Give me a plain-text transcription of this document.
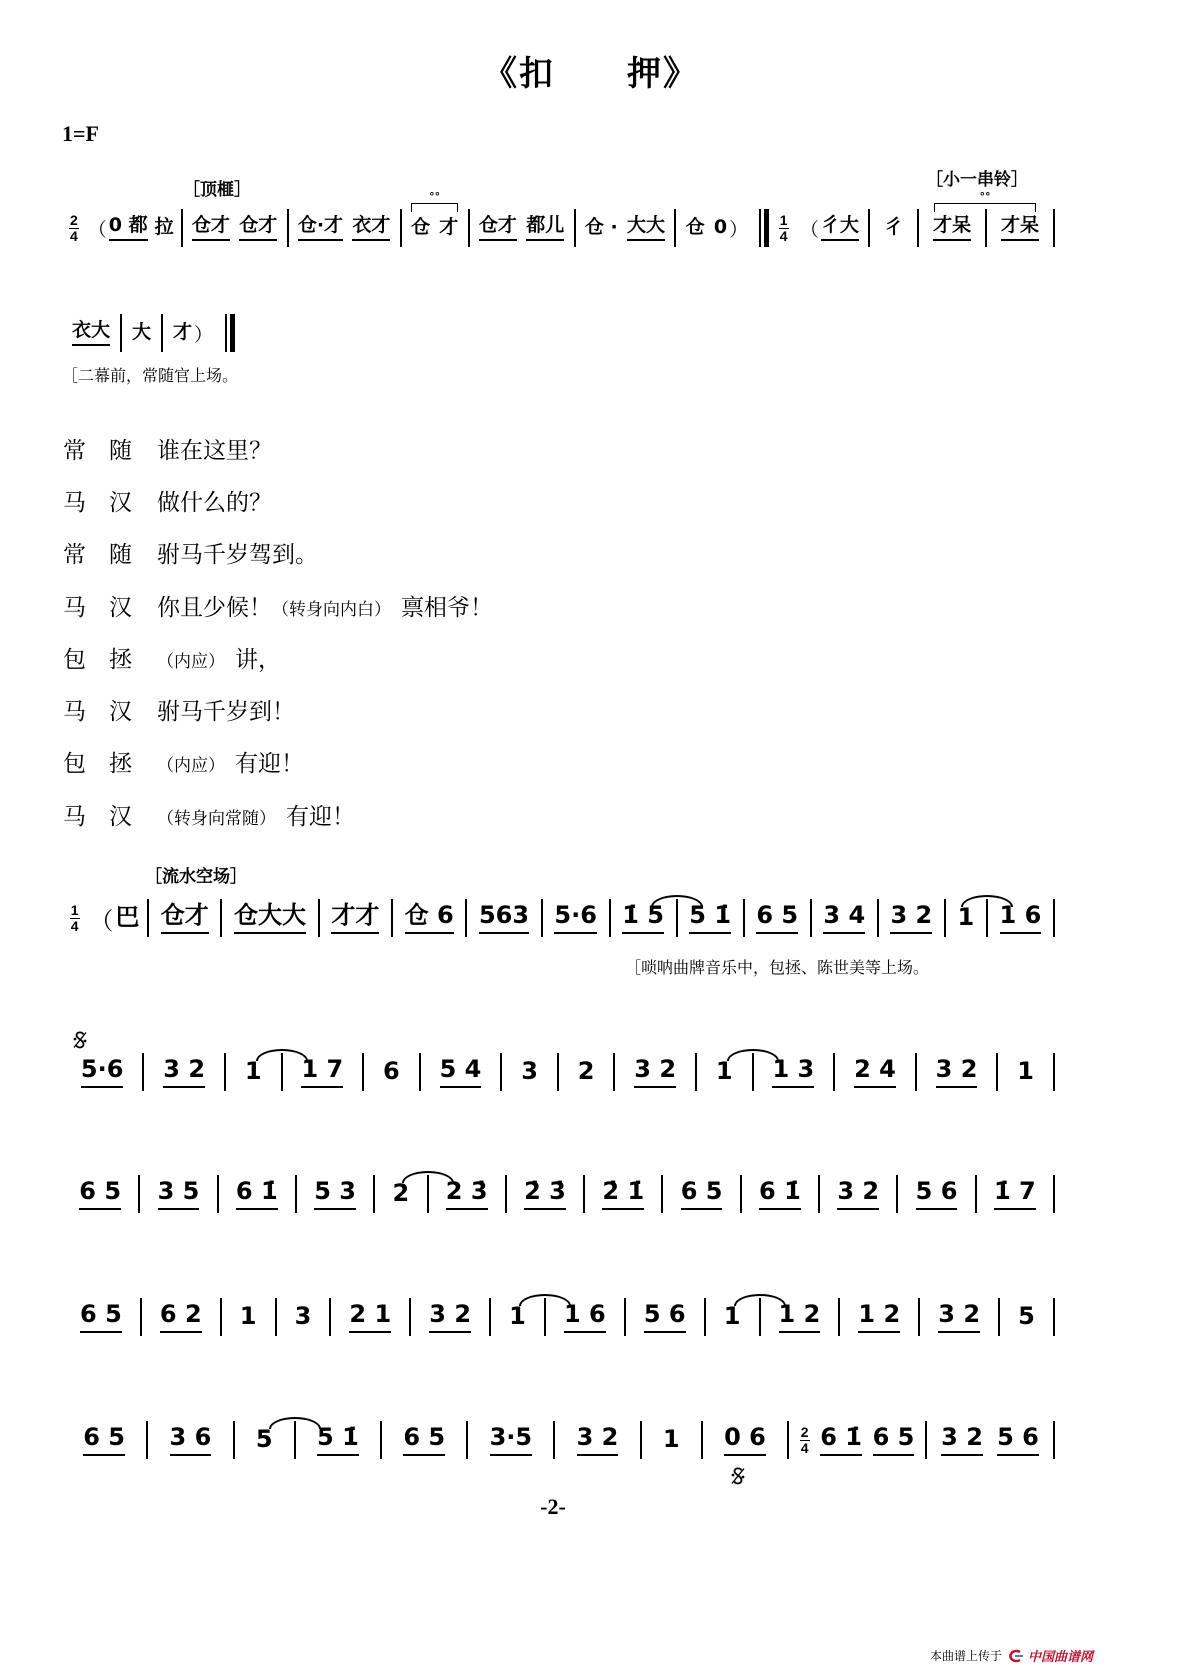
《扣　　押》
1=F
［顶榧］	［小一串铃］
$\frac{2}{4}$ （ 0 都 拉 仓才 仓才 仓·才 衣才 仓 才
°°
仓才 都儿 仓 · 大大 仓 0 ） $\frac{1}{4}$ （ 彳大 彳 才呆
°°
才呆
衣大 大 才 ）
［二幕前，常随官上场。
常	随	谁在这里？
马	汉	做什么的？
常	随	驸马千岁驾到。
马	汉	你且少候！（转身向内白） 禀相爷！
包	拯	（内应） 讲，
马	汉	驸马千岁到！
包	拯	（内应） 有迎！
马	汉	（转身向常随） 有迎！
［流水空场］
$\frac{1}{4}$ （ 巴 仓才 仓大大 才才 仓 6 563 5·6 1̇ 5 5 1̇ 6 5 3 4 3 2 1 1 6
［唢呐曲牌音乐中，包拯、陈世美等上场。
5·6 3 2 1 1 7 6 5 4 3 2 3 2 1 1 3 2 4 3 2 1
6 5 3 5 6 1̇ 5 3 2 2 3̇ 2̇ 3̇ 2̇ 1̇ 6 5 6 1̇ 3 2 5 6 1̇ 7
6 5 6 2 1 3 2 1 3 2 1 1 6 5 6 1 1 2 1 2 3 2 5
6 5 3 6 5 5 1̇ 6 5 3·5 3 2 1 0 $6 \frac{2}{4} 6$ 1̇ 6 5 3 2 5 6
-2-
本曲谱上传于 中国曲谱网
